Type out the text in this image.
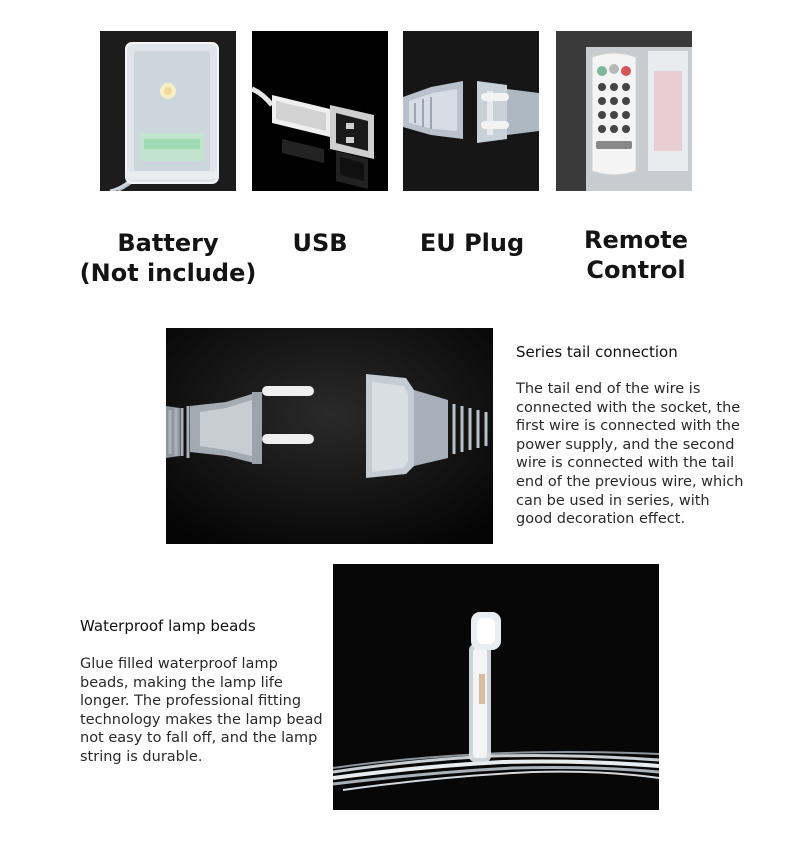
Battery
(Not include)
USB	EU Plug	Remote
Control
Series tail connection
The tail end of the wire is
connected with the socket, the
first wire is connected with the
power supply, and the second
wire is connected with the tail
end of the previous wire, which
can be used in series, with
good decoration effect.
Waterproof lamp beads
Glue filled waterproof lamp
beads, making the lamp life
longer. The professional fitting
technology makes the lamp bead
not easy to fall off, and the lamp
string is durable.
